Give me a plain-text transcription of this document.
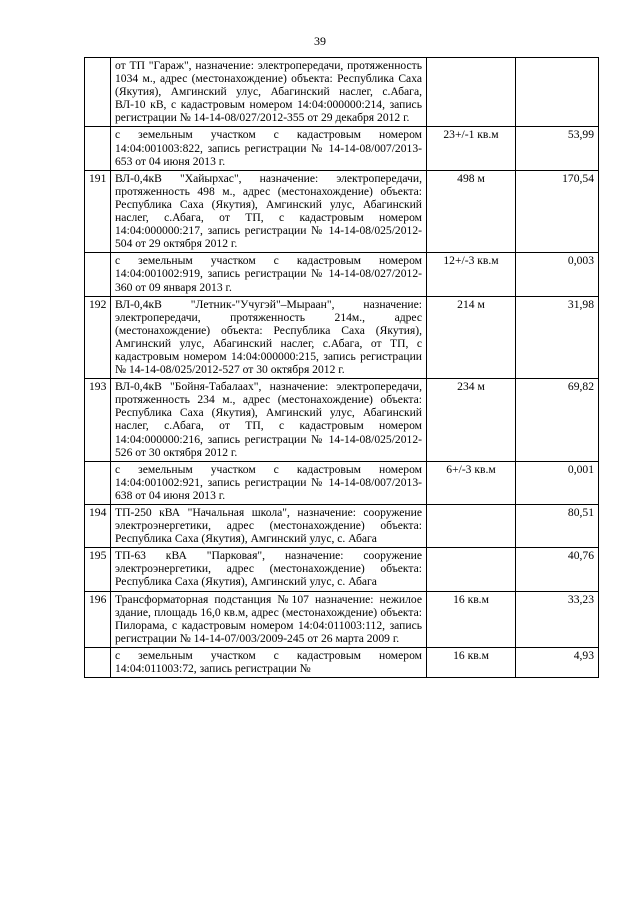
39
	от ТП "Гараж", назначение: электропередачи, протяженность 1034 м., адрес (местонахождение) объекта: Республика Саха (Якутия), Амгинский улус, Абагинский наслег, с.Абага, ВЛ-10 кВ, с кадастровым номером 14:04:000000:214, запись регистрации № 14-14-08/027/2012-355 от 29 декабря 2012 г.		
	с земельным участком с кадастровым номером 14:04:001003:822, запись регистрации № 14-14-08/007/2013-653 от 04 июня 2013 г.	23+/-1 кв.м	53,99
191	ВЛ-0,4кВ "Хайырхас", назначение: электропередачи, протяженность 498 м., адрес (местонахождение) объекта: Республика Саха (Якутия), Амгинский улус, Абагинский наслег, с.Абага, от ТП, с кадастровым номером 14:04:000000:217, запись регистрации № 14-14-08/025/2012-504 от 29 октября 2012 г.	498 м	170,54
	с земельным участком с кадастровым номером 14:04:001002:919, запись регистрации № 14-14-08/027/2012-360 от 09 января 2013 г.	12+/-3 кв.м	0,003
192	ВЛ-0,4кВ "Летник-"Учугэй"–Мыраан", назначение: электропередачи, протяженность 214м., адрес (местонахождение) объекта: Республика Саха (Якутия), Амгинский улус, Абагинский наслег, с.Абага, от ТП, с кадастровым номером 14:04:000000:215, запись регистрации № 14-14-08/025/2012-527 от 30 октября 2012 г.	214 м	31,98
193	ВЛ-0,4кВ "Бойня-Табалаах", назначение: электропередачи, протяженность 234 м., адрес (местонахождение) объекта: Республика Саха (Якутия), Амгинский улус, Абагинский наслег, с.Абага, от ТП, с кадастровым номером 14:04:000000:216, запись регистрации № 14-14-08/025/2012-526 от 30 октября 2012 г.	234 м	69,82
	с земельным участком с кадастровым номером 14:04:001002:921, запись регистрации № 14-14-08/007/2013-638 от 04 июня 2013 г.	6+/-3 кв.м	0,001
194	ТП-250 кВА "Начальная школа", назначение: сооружение электроэнергетики, адрес (местонахождение) объекта: Республика Саха (Якутия), Амгинский улус, с. Абага		80,51
195	ТП-63 кВА "Парковая", назначение: сооружение электроэнергетики, адрес (местонахождение) объекта: Республика Саха (Якутия), Амгинский улус, с. Абага		40,76
196	Трансформаторная подстанция №107 назначение: нежилое здание, площадь 16,0 кв.м, адрес (местонахождение) объекта: Пилорама, с кадастровым номером 14:04:011003:112, запись регистрации № 14-14-07/003/2009-245 от 26 марта 2009 г.	16 кв.м	33,23
	с земельным участком с кадастровым номером 14:04:011003:72, запись регистрации №	16 кв.м	4,93
